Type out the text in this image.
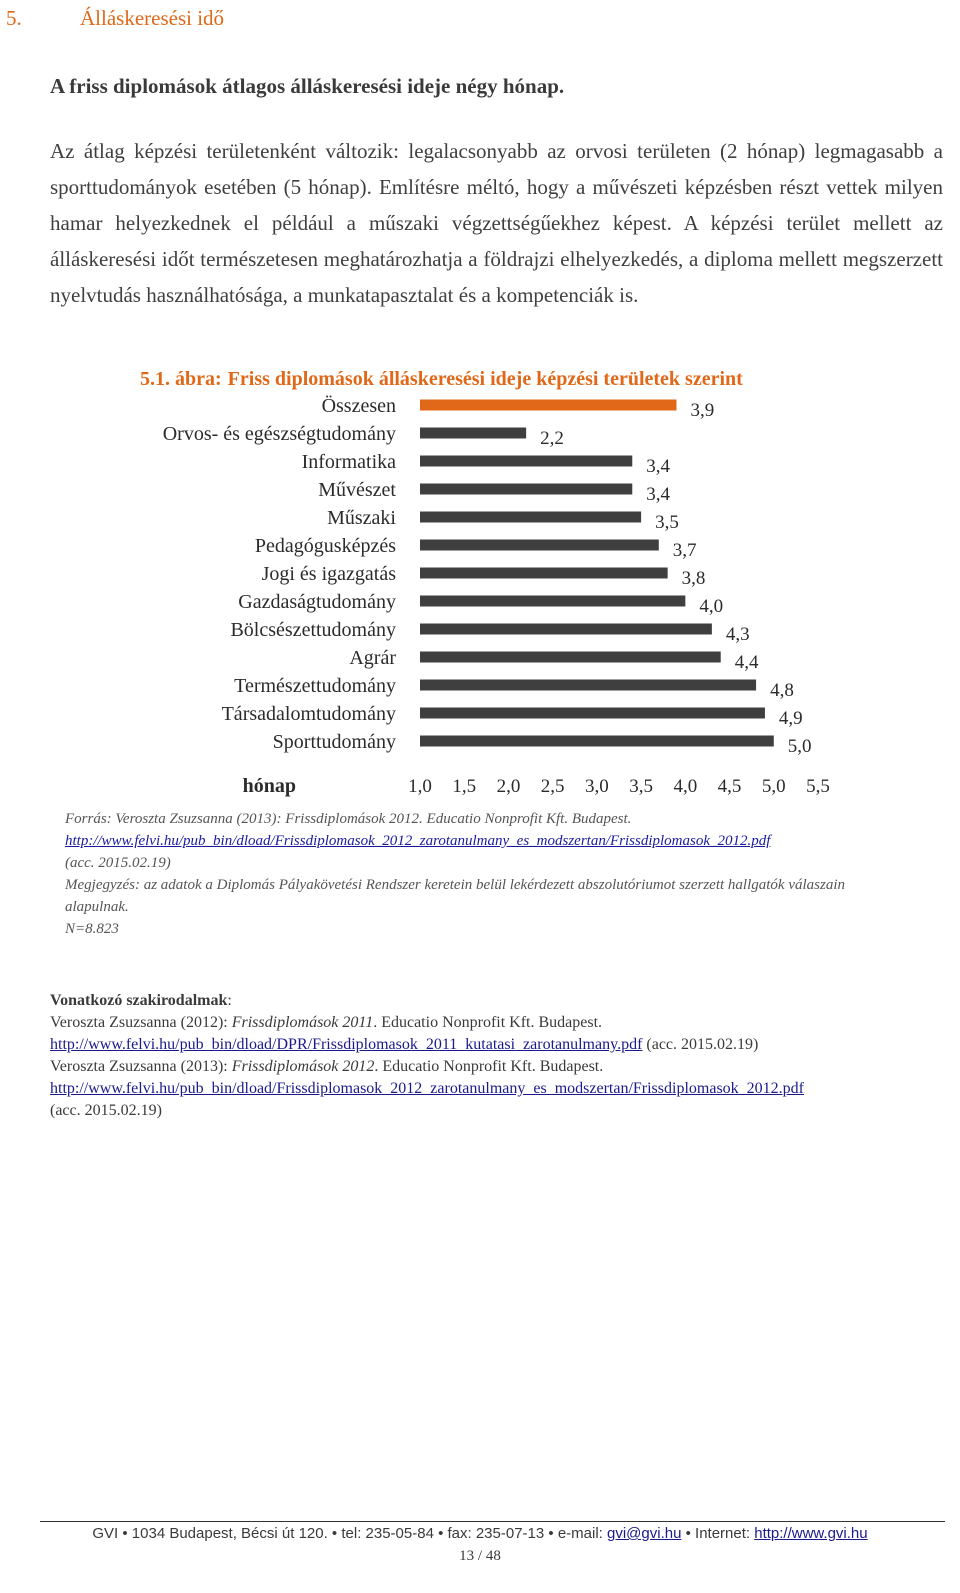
5.	Álláskeresési idő

A friss diplomások átlagos álláskeresési ideje négy hónap.

Az átlag képzési területenként változik: legalacsonyabb az orvosi területen (2 hónap) legmagasabb a sporttudományok esetében (5 hónap). Említésre méltó, hogy a művészeti képzésben részt vettek milyen hamar helyezkednek el például a műszaki végzettségűekhez képest. A képzési terület mellett az álláskeresési időt természetesen meghatározhatja a földrajzi elhelyezkedés, a diploma mellett megszerzett nyelvtudás használhatósága, a munkatapasztalat és a kompetenciák is.

5.1. ábra: Friss diplomások álláskeresési ideje képzési területek szerint
Összesen	3,9
Orvos- és egészségtudomány	2,2
Informatika	3,4
Művészet	3,4
Műszaki	3,5
Pedagógusképzés	3,7
Jogi és igazgatás	3,8
Gazdaságtudomány	4,0
Bölcsészettudomány	4,3
Agrár	4,4
Természettudomány	4,8
Társadalomtudomány	4,9
Sporttudomány	5,0
1,0 1,5 2,0 2,5 3,0 3,5 4,0 4,5 5,0 5,5
hónap

Forrás: Veroszta Zsuzsanna (2013): Frissdiplomások 2012. Educatio Nonprofit Kft. Budapest.

http://www.felvi.hu/pub_bin/dload/Frissdiplomasok_2012_zarotanulmany_es_modszertan/Frissdiplomasok_2012.pdf

(acc. 2015.02.19)

Megjegyzés: az adatok a Diplomás Pályakövetési Rendszer keretein belül lekérdezett abszolutóriumot szerzett hallgatók válaszain alapulnak.

N=8.823

Vonatkozó szakirodalmak:

Veroszta Zsuzsanna (2012): Frissdiplomások 2011. Educatio Nonprofit Kft. Budapest.

http://www.felvi.hu/pub_bin/dload/DPR/Frissdiplomasok_2011_kutatasi_zarotanulmany.pdf (acc. 2015.02.19)

Veroszta Zsuzsanna (2013): Frissdiplomások 2012. Educatio Nonprofit Kft. Budapest.

http://www.felvi.hu/pub_bin/dload/Frissdiplomasok_2012_zarotanulmany_es_modszertan/Frissdiplomasok_2012.pdf

(acc. 2015.02.19)

GVI • 1034 Budapest, Bécsi út 120. • tel: 235-05-84 • fax: 235-07-13 • e-mail: gvi@gvi.hu • Internet: http://www.gvi.hu
13 / 48
